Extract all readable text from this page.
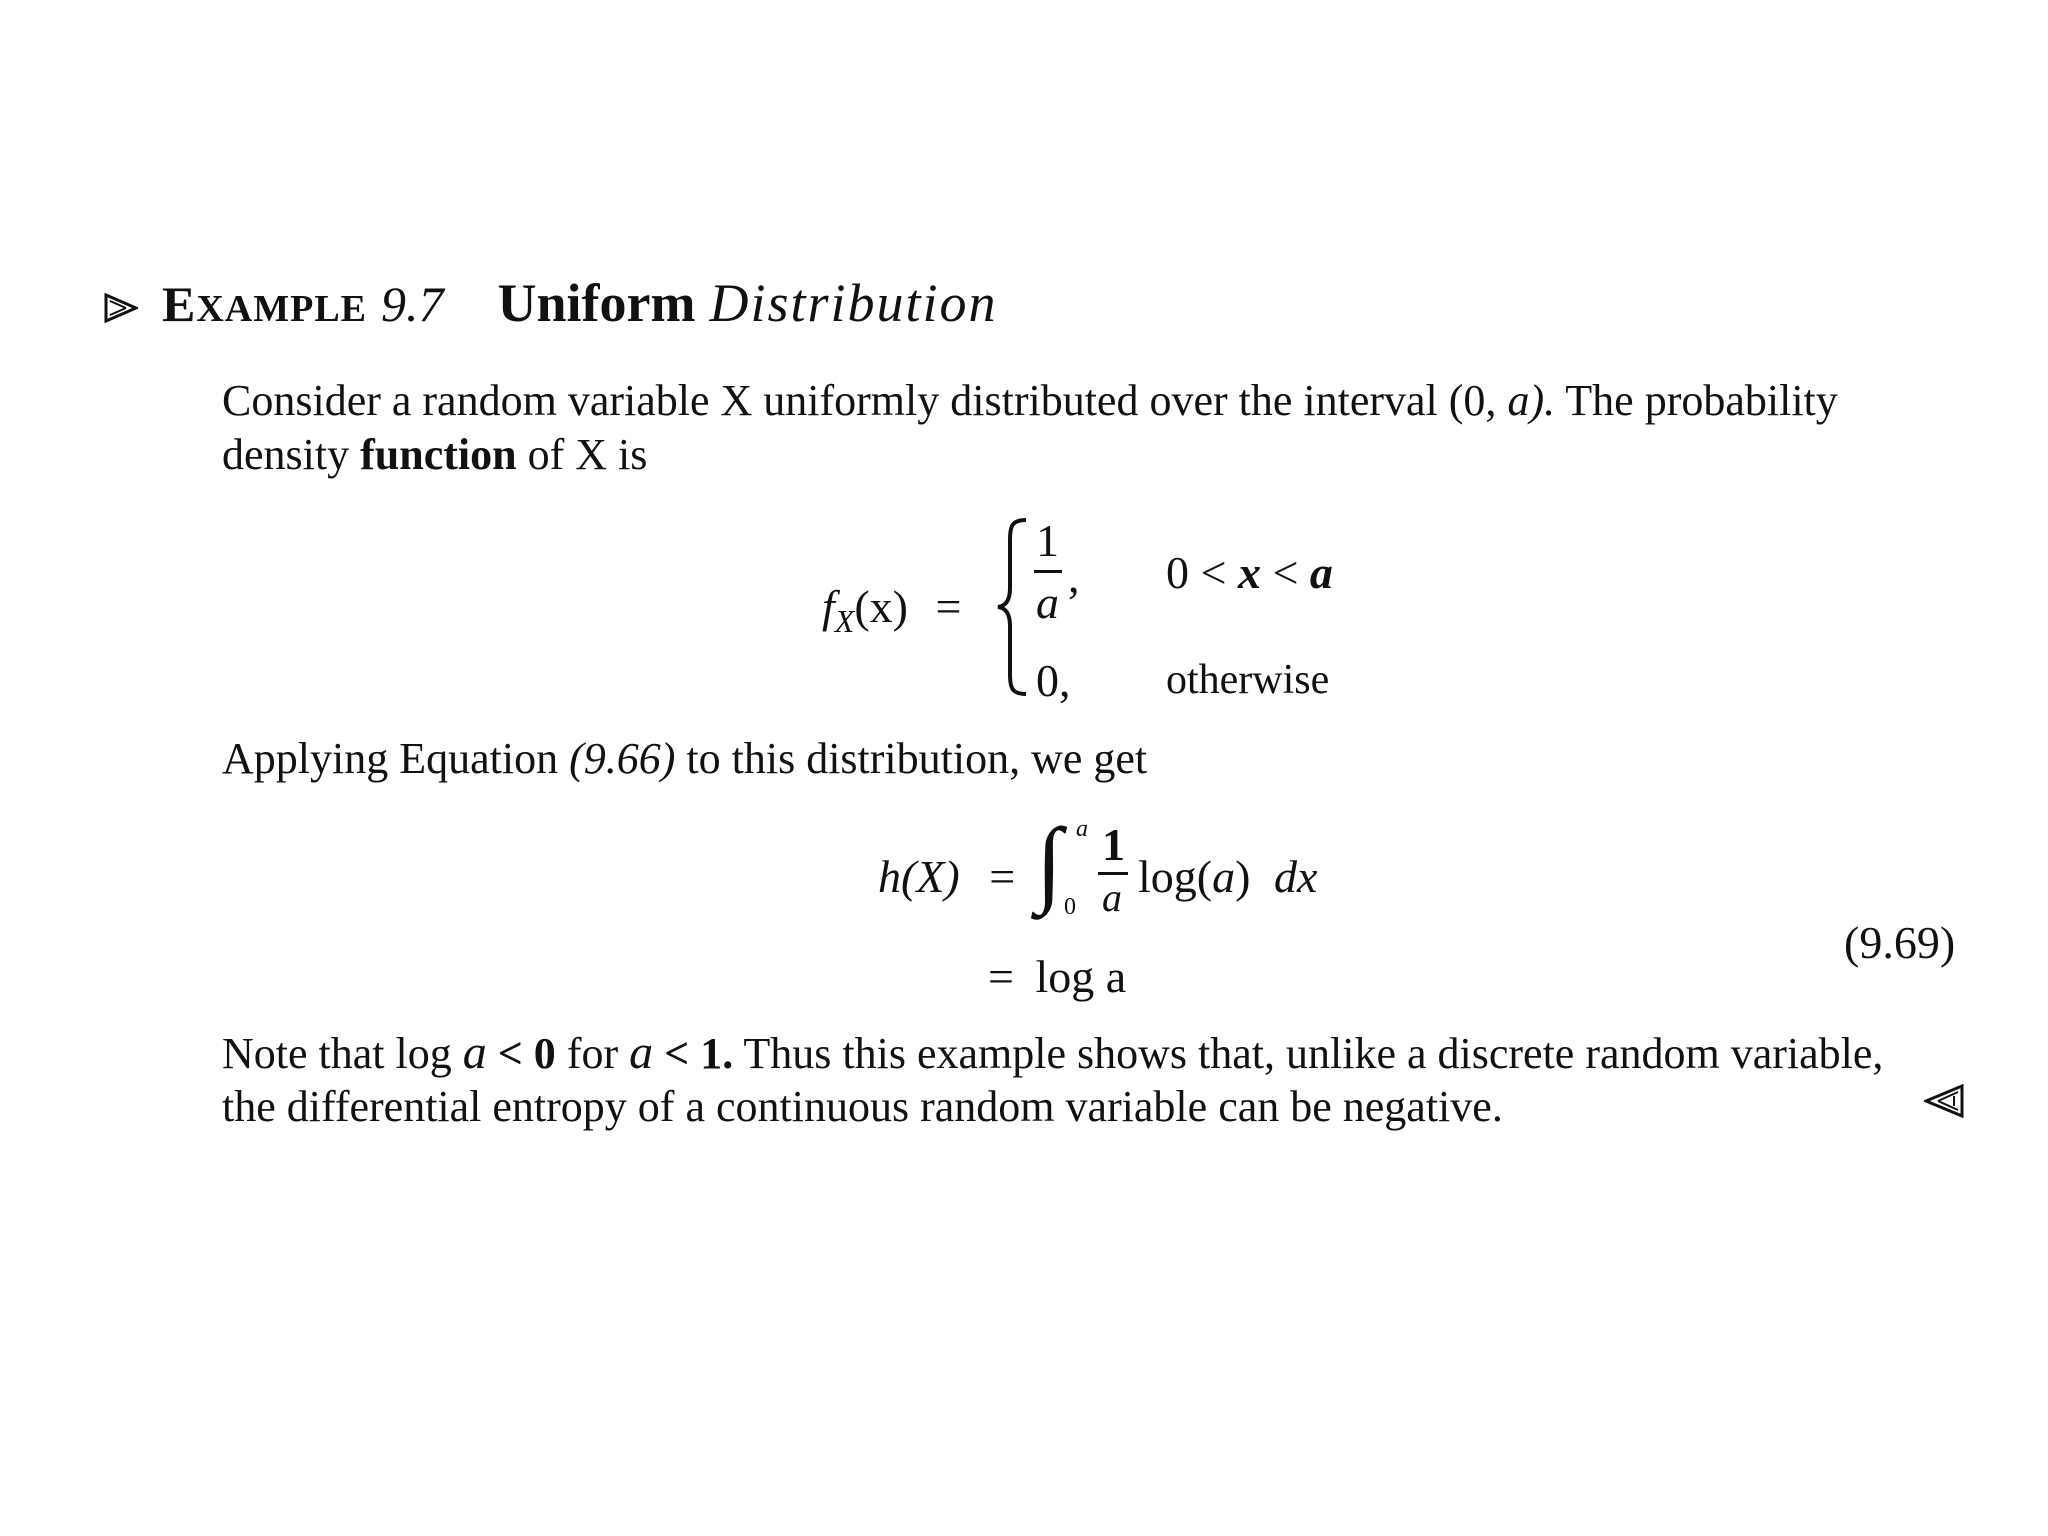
EXAMPLE 9.7 Uniform Distribution
Consider a random variable X uniformly distributed over the interval (0, a). The probability
density function of X is
$f_X(x)$ =
1
a
, 0 < x < a
0, otherwise
Applying Equation (9.66) to this distribution, we get
h(X) = ∫ a
0
1
a log(a) dx
= log a
(9.69)
Note that log a < 0 for a < 1. Thus this example shows that, unlike a discrete random variable,
the differential entropy of a continuous random variable can be negative.
